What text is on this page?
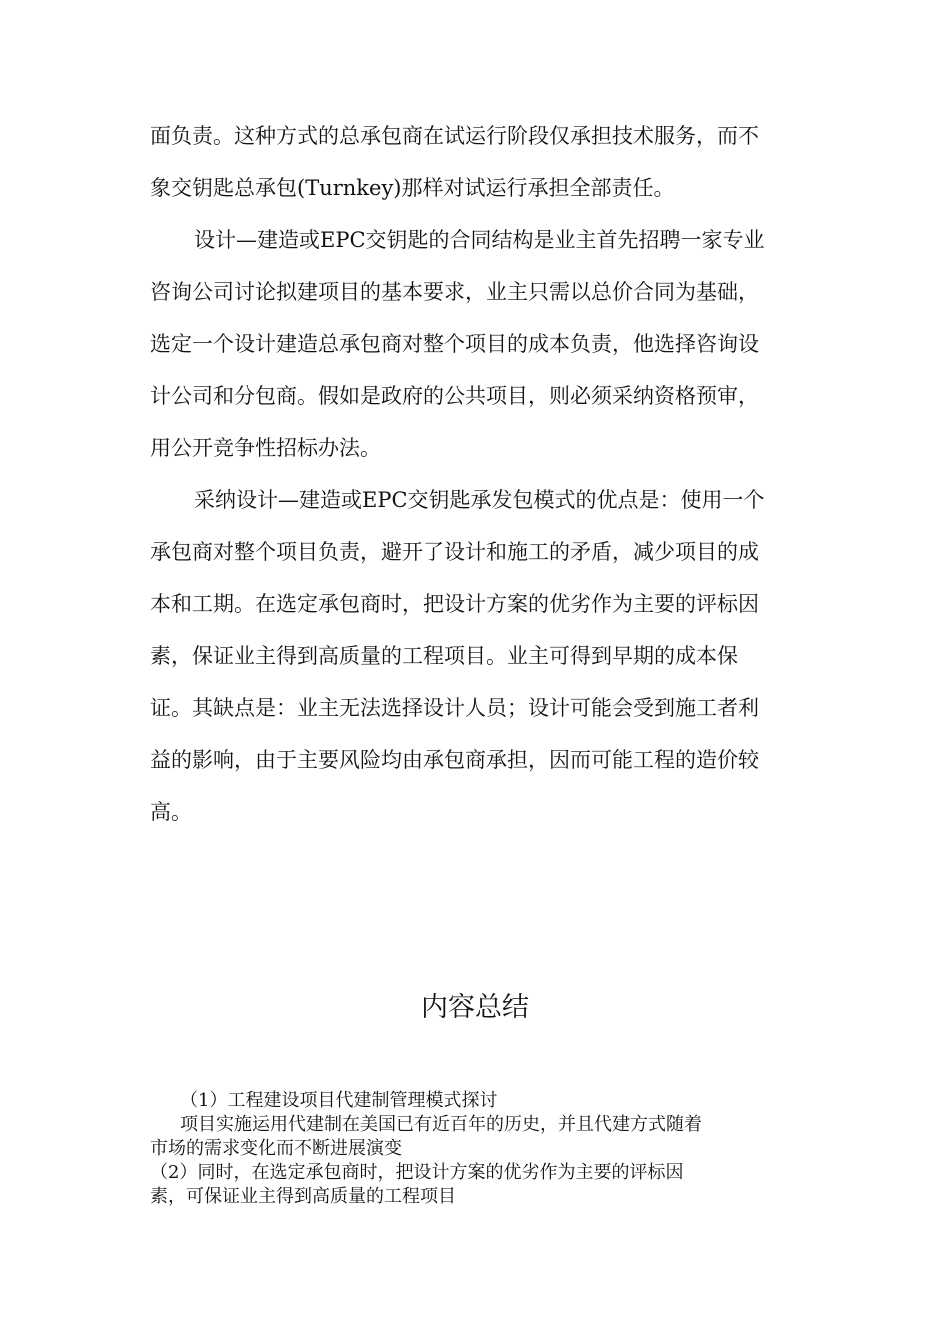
面负责。这种方式的总承包商在试运行阶段仅承担技术服务，而不
象交钥匙总承包(Turnkey)那样对试运行承担全部责任。
设计—建造或EPC交钥匙的合同结构是业主首先招聘一家专业
咨询公司讨论拟建项目的基本要求，业主只需以总价合同为基础，
选定一个设计建造总承包商对整个项目的成本负责，他选择咨询设
计公司和分包商。假如是政府的公共项目，则必须采纳资格预审，
用公开竞争性招标办法。
采纳设计—建造或EPC交钥匙承发包模式的优点是：使用一个
承包商对整个项目负责，避开了设计和施工的矛盾，减少项目的成
本和工期。在选定承包商时，把设计方案的优劣作为主要的评标因
素，保证业主得到高质量的工程项目。业主可得到早期的成本保
证。其缺点是：业主无法选择设计人员；设计可能会受到施工者利
益的影响，由于主要风险均由承包商承担，因而可能工程的造价较
高。
内容总结
（1）工程建设项目代建制管理模式探讨
项目实施运用代建制在美国已有近百年的历史，并且代建方式随着
市场的需求变化而不断进展演变
（2）同时，在选定承包商时，把设计方案的优劣作为主要的评标因
素，可保证业主得到高质量的工程项目
